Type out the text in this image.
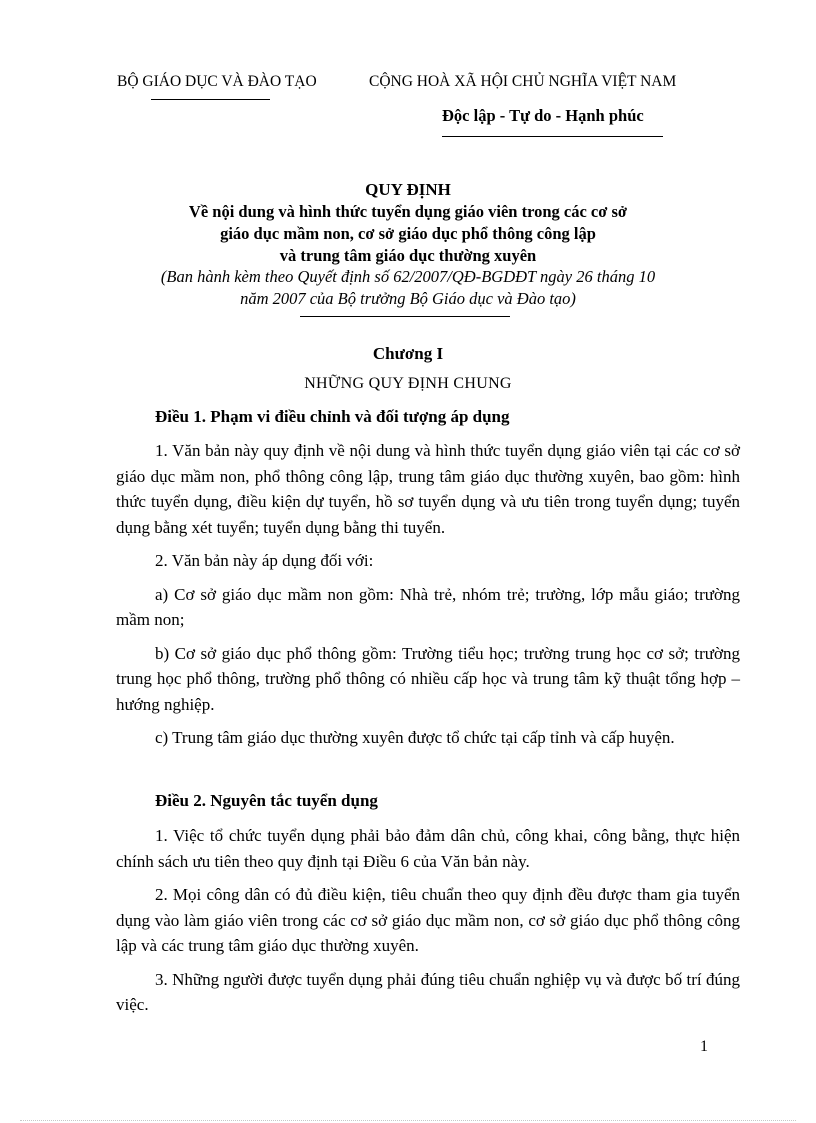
BỘ GIÁO DỤC VÀ ĐÀO TẠO	CỘNG HOÀ XÃ HỘI CHỦ NGHĨA VIỆT NAM
Độc lập - Tự do - Hạnh phúc
QUY ĐỊNH
Về nội dung và hình thức tuyển dụng giáo viên trong các cơ sở
giáo dục mầm non, cơ sở giáo dục phổ thông công lập
và trung tâm giáo dục thường xuyên
(Ban hành kèm theo Quyết định số 62/2007/QĐ-BGDĐT ngày 26 tháng 10
năm 2007 của Bộ trưởng Bộ Giáo dục và Đào tạo)
Chương I
NHỮNG QUY ĐỊNH CHUNG
Điều 1. Phạm vi điều chỉnh và đối tượng áp dụng

1. Văn bản này quy định về nội dung và hình thức tuyển dụng giáo viên tại các cơ sở giáo dục mầm non, phổ thông công lập, trung tâm giáo dục thường xuyên, bao gồm: hình thức tuyển dụng, điều kiện dự tuyển, hồ sơ tuyển dụng và ưu tiên trong tuyển dụng; tuyển dụng bằng xét tuyển; tuyển dụng bằng thi tuyển.

2. Văn bản này áp dụng đối với:

a) Cơ sở giáo dục mầm non gồm: Nhà trẻ, nhóm trẻ; trường, lớp mẫu giáo; trường mầm non;

b) Cơ sở giáo dục phổ thông gồm: Trường tiểu học; trường trung học cơ sở; trường trung học phổ thông, trường phổ thông có nhiều cấp học và trung tâm kỹ thuật tổng hợp – hướng nghiệp.

c) Trung tâm giáo dục thường xuyên được tổ chức tại cấp tỉnh và cấp huyện.

Điều 2. Nguyên tắc tuyển dụng

1. Việc tổ chức tuyển dụng phải bảo đảm dân chủ, công khai, công bằng, thực hiện chính sách ưu tiên theo quy định tại Điều 6 của Văn bản này.

2. Mọi công dân có đủ điều kiện, tiêu chuẩn theo quy định đều được tham gia tuyển dụng vào làm giáo viên trong các cơ sở giáo dục mầm non, cơ sở giáo dục phổ thông công lập và các trung tâm giáo dục thường xuyên.

3. Những người được tuyển dụng phải đúng tiêu chuẩn nghiệp vụ và được bố trí đúng việc.

1
